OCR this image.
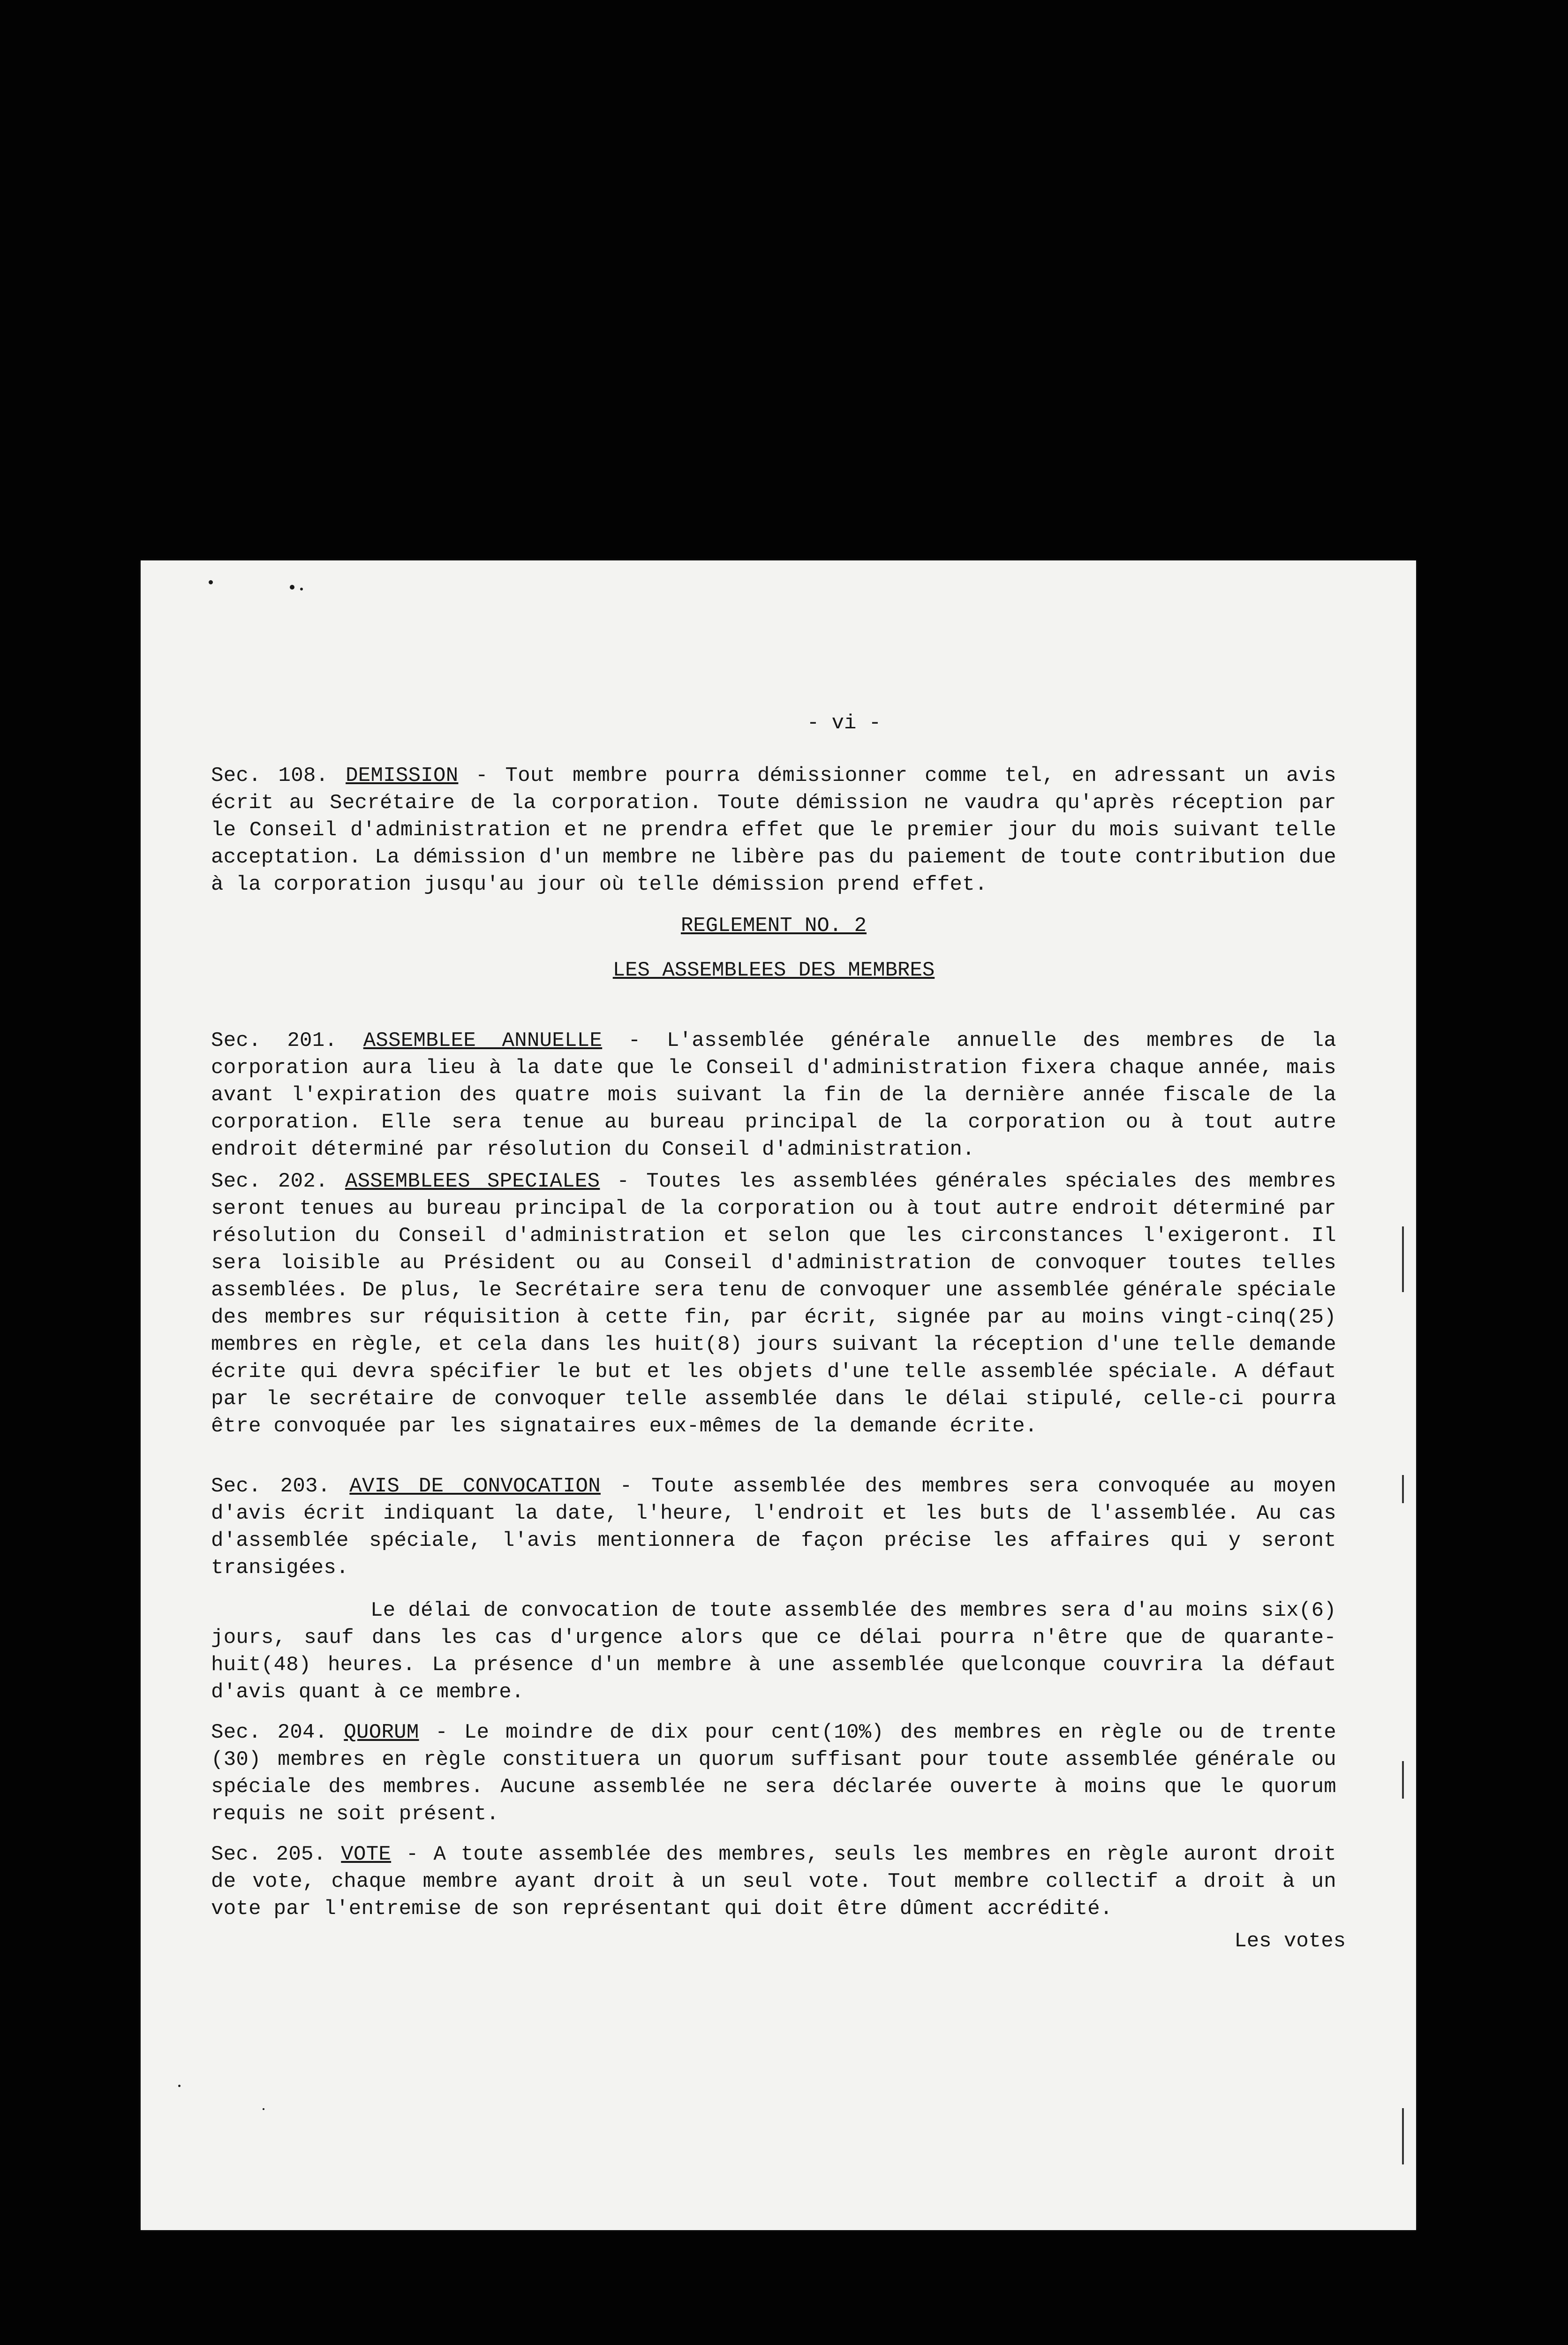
- vi -
Sec. 108. DEMISSION - Tout membre pourra démissionner comme tel, en adressant un avis écrit au Secrétaire de la corporation. Toute démission ne vaudra qu'après réception par le Conseil d'administration et ne prendra effet que le premier jour du mois suivant telle acceptation. La démission d'un membre ne libère pas du paiement de toute contribution due à la corporation jusqu'au jour où telle démission prend effet.
REGLEMENT NO. 2
LES ASSEMBLEES DES MEMBRES
Sec. 201. ASSEMBLEE ANNUELLE - L'assemblée générale annuelle des membres de la corporation aura lieu à la date que le Conseil d'administration fixera chaque année, mais avant l'expiration des quatre mois suivant la fin de la dernière année fiscale de la corporation. Elle sera tenue au bureau principal de la corporation ou à tout autre endroit déterminé par résolution du Conseil d'administration.
Sec. 202. ASSEMBLEES SPECIALES - Toutes les assemblées générales spéciales des membres seront tenues au bureau principal de la corporation ou à tout autre endroit déterminé par résolution du Conseil d'administration et selon que les circonstances l'exigeront. Il sera loisible au Président ou au Conseil d'administration de convoquer toutes telles assemblées. De plus, le Secrétaire sera tenu de convoquer une assemblée générale spéciale des membres sur réquisition à cette fin, par écrit, signée par au moins vingt-cinq(25) membres en règle, et cela dans les huit(8) jours suivant la réception d'une telle demande écrite qui devra spécifier le but et les objets d'une telle assemblée spéciale. A défaut par le secrétaire de convoquer telle assemblée dans le délai stipulé, celle-ci pourra être convoquée par les signataires eux-mêmes de la demande écrite.
Sec. 203. AVIS DE CONVOCATION - Toute assemblée des membres sera convoquée au moyen d'avis écrit indiquant la date, l'heure, l'endroit et les buts de l'assemblée. Au cas d'assemblée spéciale, l'avis mentionnera de façon précise les affaires qui y seront transigées.
Le délai de convocation de toute assemblée des membres sera d'au moins six(6) jours, sauf dans les cas d'urgence alors que ce délai pourra n'être que de quarante-huit(48) heures. La présence d'un membre à une assemblée quelconque couvrira la défaut d'avis quant à ce membre.
Sec. 204. QUORUM - Le moindre de dix pour cent(10%) des membres en règle ou de trente (30) membres en règle constituera un quorum suffisant pour toute assemblée générale ou spéciale des membres. Aucune assemblée ne sera déclarée ouverte à moins que le quorum requis ne soit présent.
Sec. 205. VOTE - A toute assemblée des membres, seuls les membres en règle auront droit de vote, chaque membre ayant droit à un seul vote. Tout membre collectif a droit à un vote par l'entremise de son représentant qui doit être dûment accrédité.
Les votes
